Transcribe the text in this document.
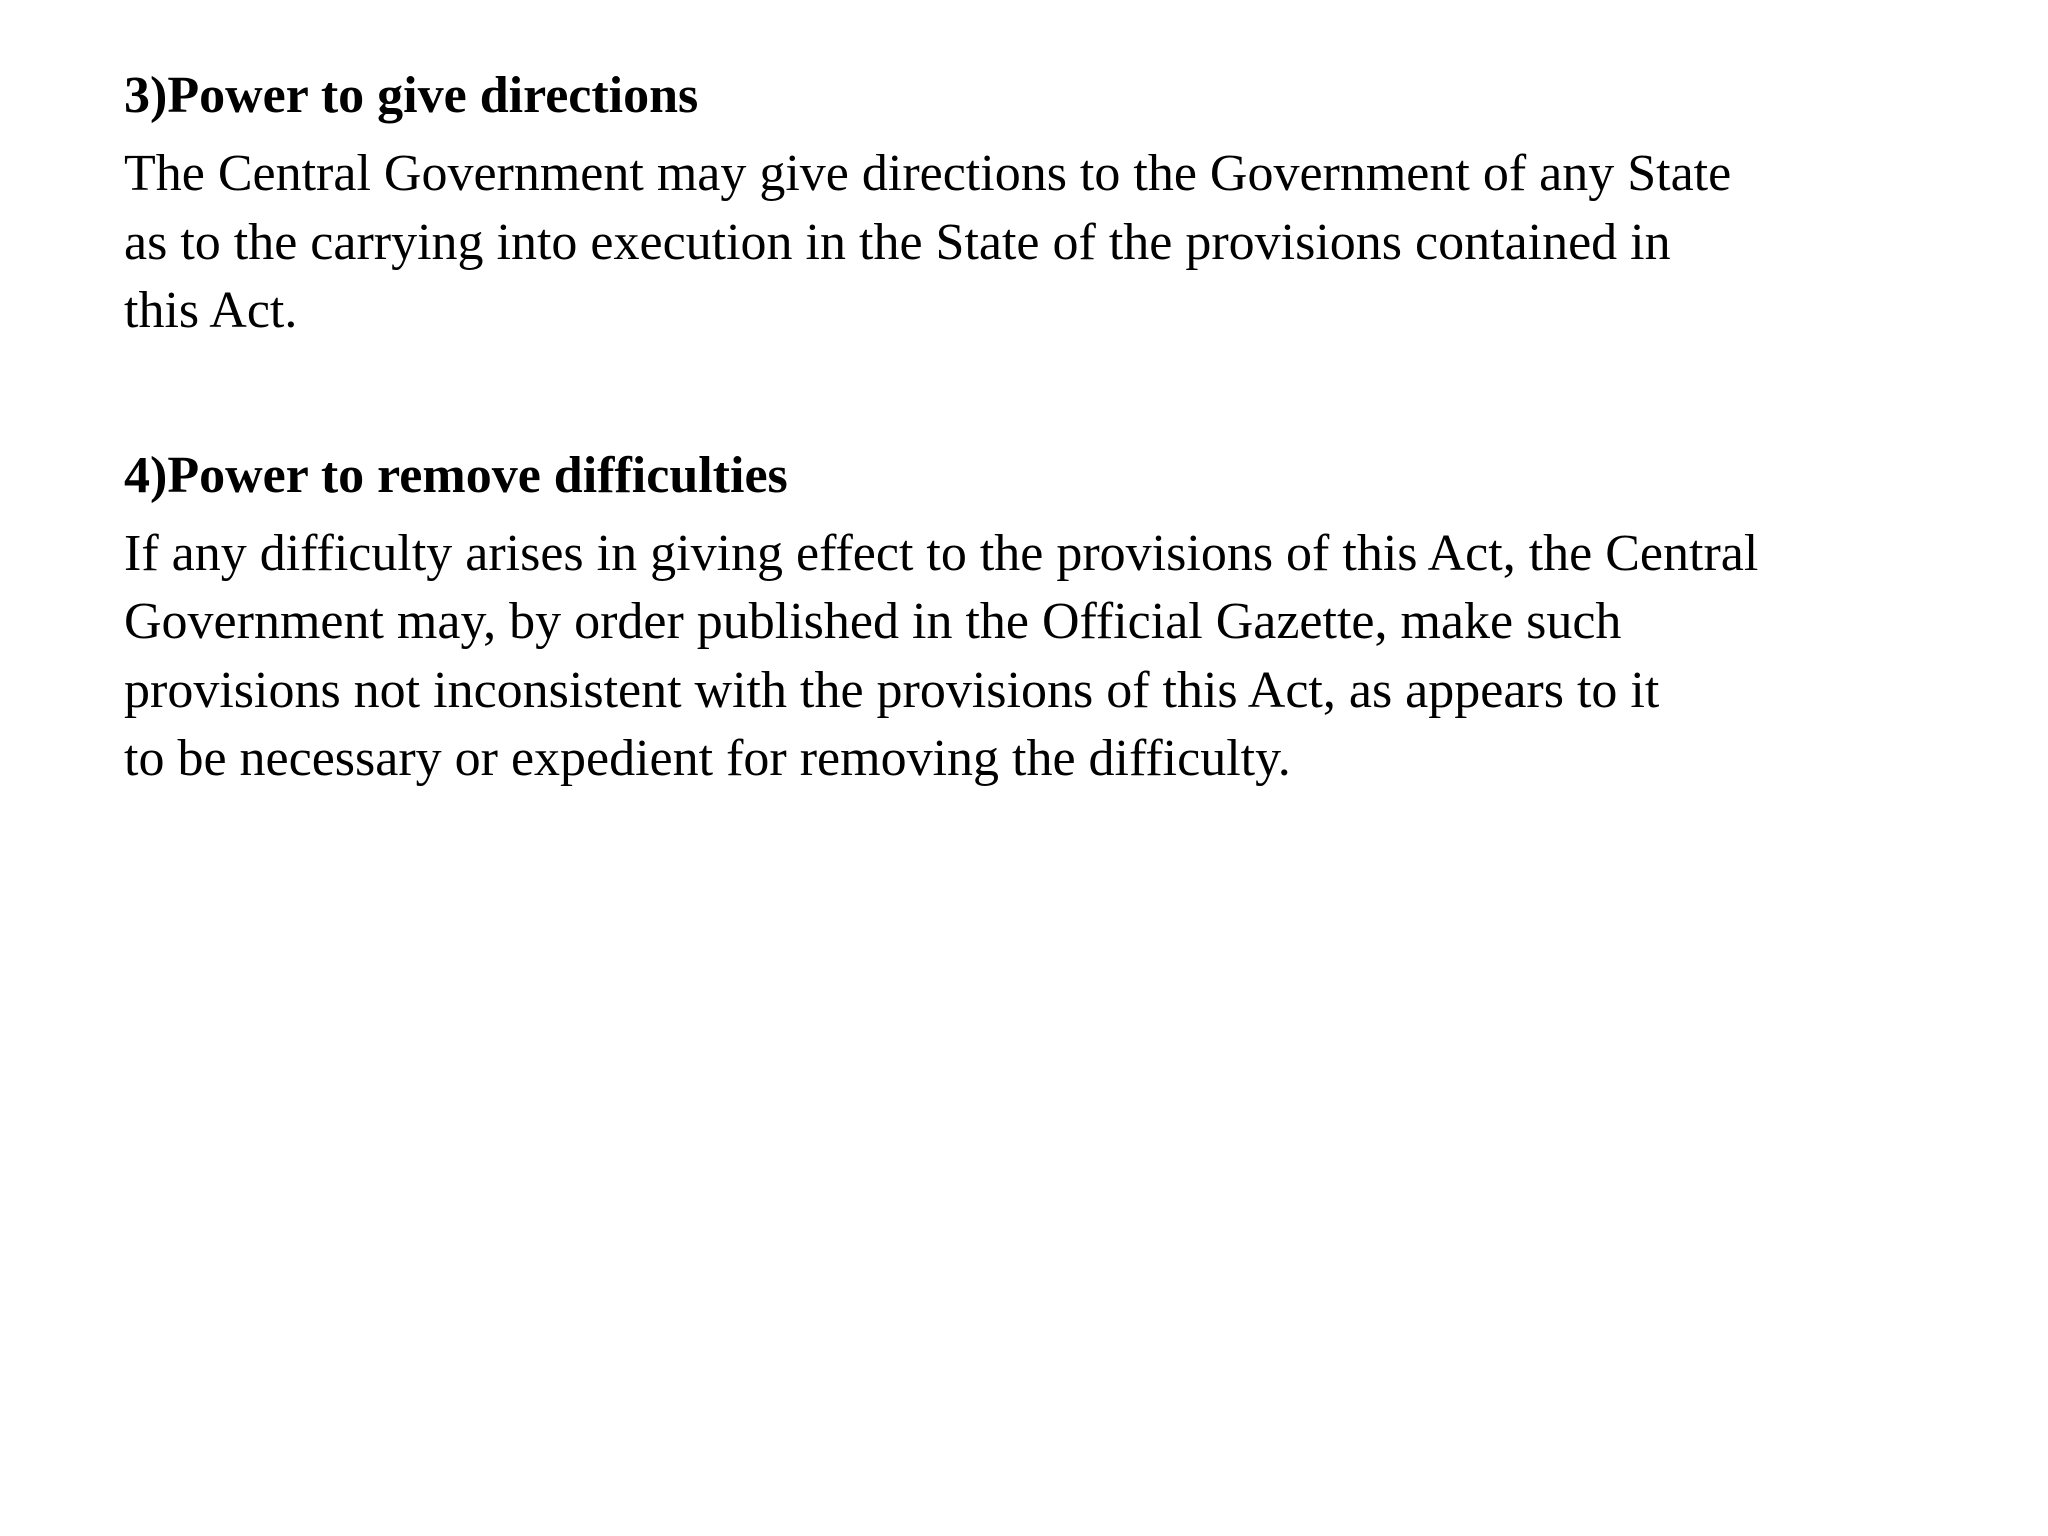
3)Power to give directions

The Central Government may give directions to the Government of any State
as to the carrying into execution in the State of the provisions contained in
this Act.

4)Power to remove difficulties

If any difficulty arises in giving effect to the provisions of this Act, the Central
Government may, by order published in the Official Gazette, make such
provisions not inconsistent with the provisions of this Act, as appears to it
to be necessary or expedient for removing the difficulty.
